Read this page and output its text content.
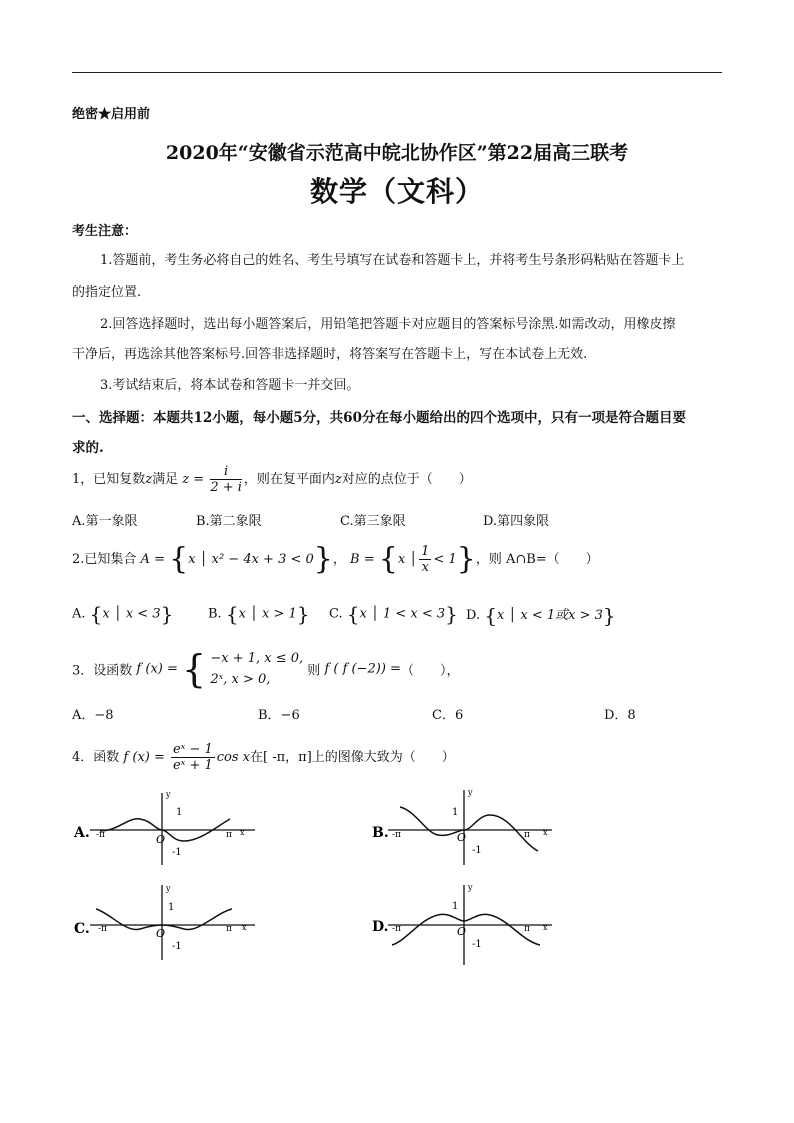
绝密★启用前
2020年“安徽省示范高中皖北协作区”第22届高三联考
数学（文科）
考生注意：
1.答题前，考生务必将自己的姓名、考生号填写在试卷和答题卡上，并将考生号条形码粘贴在答题卡上
的指定位置.
2.回答选择题时，选出每小题答案后，用铅笔把答题卡对应题目的答案标号涂黑.如需改动，用橡皮擦
干净后，再选涂其他答案标号.回答非选择题时，将答案写在答题卡上，写在本试卷上无效.
3.考试结束后，将本试卷和答题卡一并交回。
一、选择题：本题共12小题，每小题5分，共60分在每小题给出的四个选项中，只有一项是符合题目要
求的.
1，已知复数z满足 $z = \frac{i}{2 + i}$ ，则在复平面内z对应的点位于（　　）
A.第一象限	B.第二象限	C.第三象限	D.第四象限
2.已知集合 A = {x │ x² − 4x + 3 < 0}， B = {x │ $\frac{1}{x} < 1$}，则 A∩B=（　　）
A. {x │ x < 3}	B. {x │ x > 1} C. {x │ 1 < x < 3} D. {x │ x < 1或x > 3}
3．设函数 f (x) = { −x + 1, x ≤ 0,
2ˣ, x > 0,
则 f ( f (−2)) =（　　），
A．−8	B．−6	C．6	D．8
4．函数 f $(x) = \frac{\text{eˣ − 1}}{\text{eˣ + 1}}$ cos x在[ -π，π]上的图像大致为（　　）
A.
y
x
1
-1
O
-π	π	B.
y
x
1
-1
O
-π	π
C.
y
x
1
-1
O
-π	π	D.
y
x
1
-1
O
-π	π
